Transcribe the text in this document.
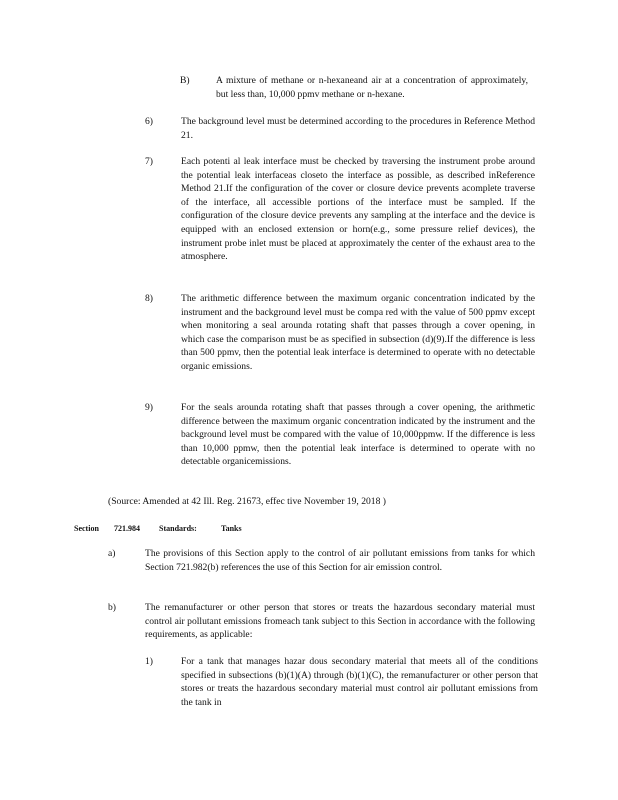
B)	A mixture of methane or n-hexaneand air at a concentration of approximately, but less than, 10,000 ppmv methane or n-hexane.

6)	The background level must be determined according to the procedures in Reference Method 21.

7)	Each potenti al leak interface must be checked by traversing the instrument probe around the potential leak interfaceas closeto the interface as possible, as described inReference Method 21.If the configuration of the cover or closure device prevents acomplete traverse of the interface, all accessible portions of the interface must be sampled. If the configuration of the closure device prevents any sampling at the interface and the device is equipped with an enclosed extension or horn(e.g., some pressure relief devices), the instrument probe inlet must be placed at approximately the center of the exhaust area to the atmosphere.

8)	The arithmetic difference between the maximum organic concentration indicated by the instrument and the background level must be compa red with the value of 500 ppmv except when monitoring a seal arounda rotating shaft that passes through a cover opening, in which case the comparison must be as specified in subsection (d)(9).If the difference is less than 500 ppmv, then the potential leak interface is determined to operate with no detectable organic emissions.

9)	For the seals arounda rotating shaft that passes through a cover opening, the arithmetic difference between the maximum organic concentration indicated by the instrument and the background level must be compared with the value of 10,000ppmw. If the difference is less than 10,000 ppmw, then the potential leak interface is determined to operate with no detectable organicemissions.

(Source: Amended at 42 Ill. Reg. 21673, effec tive November 19, 2018 )
Section	721.984	Standards:	Tanks
a)	The provisions of this Section apply to the control of air pollutant emissions from tanks for which Section 721.982(b) references the use of this Section for air emission control.

b)	The remanufacturer or other person that stores or treats the hazardous secondary material must control air pollutant emissions fromeach tank subject to this Section in accordance with the following requirements, as applicable:

1)	For a tank that manages hazar dous secondary material that meets all of the conditions specified in subsections (b)(1)(A) through (b)(1)(C), the remanufacturer or other person that stores or treats the hazardous secondary material must control air pollutant emissions from the tank in
